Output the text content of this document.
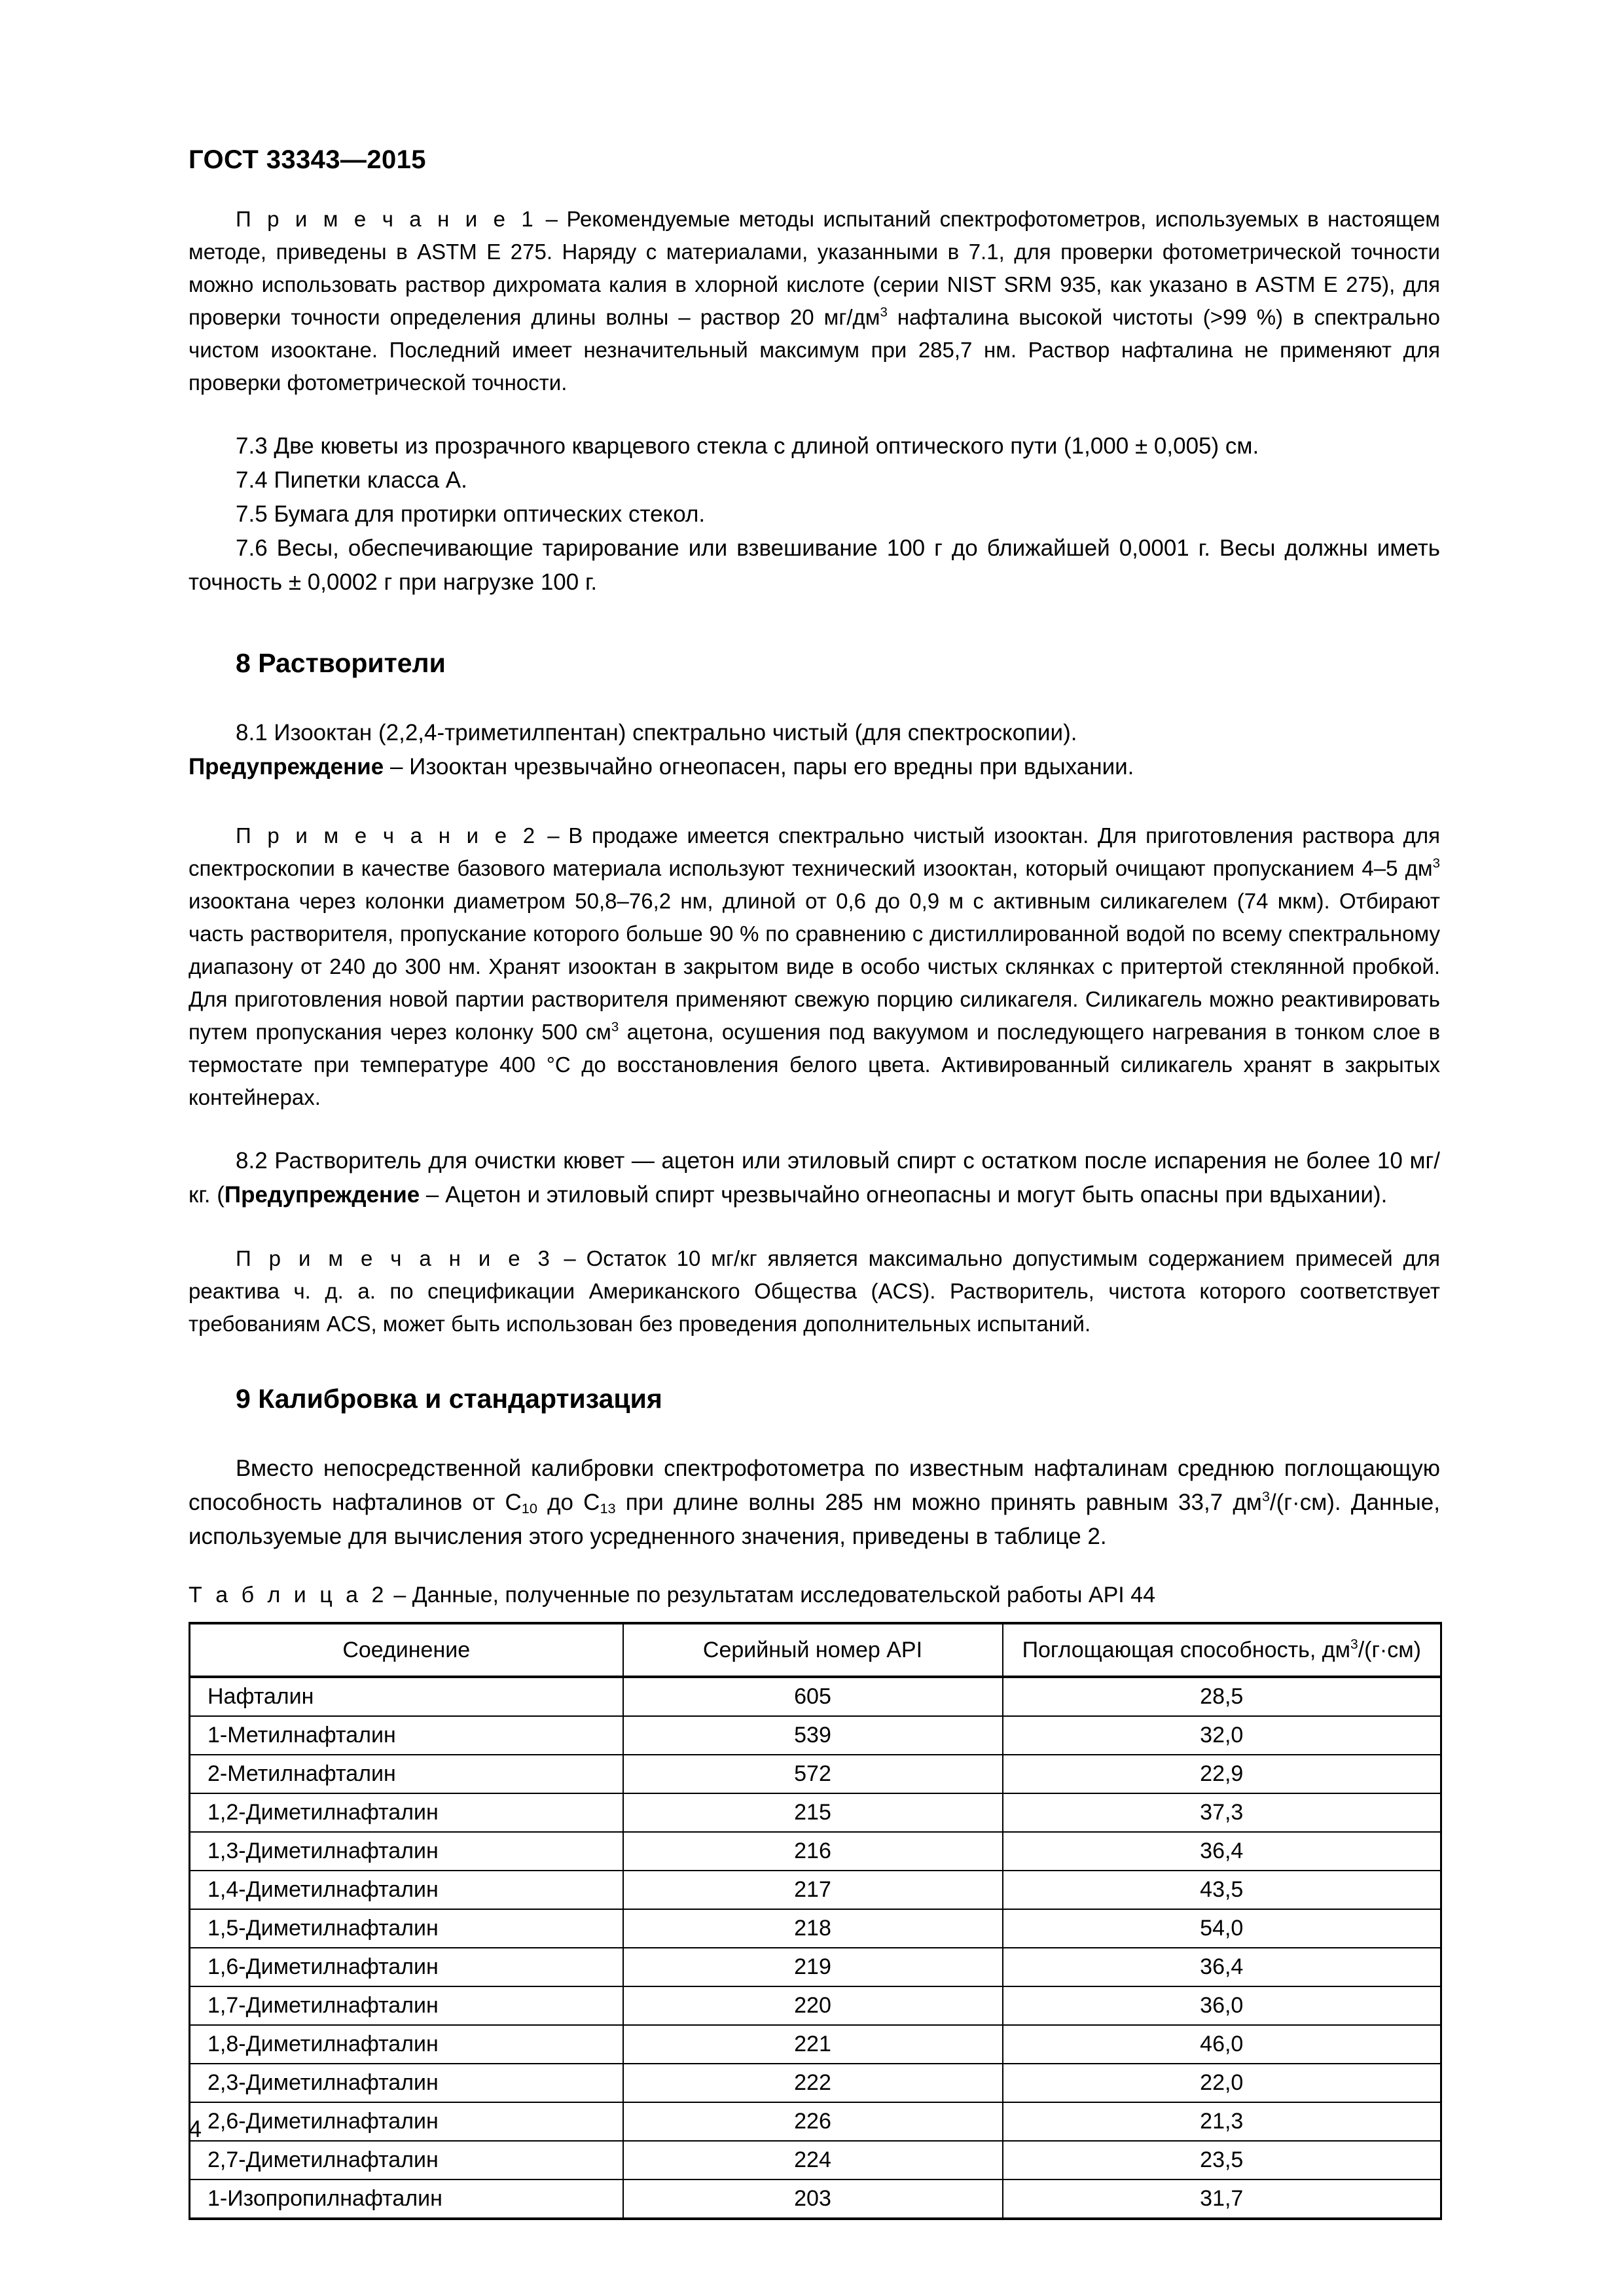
ГОСТ 33343—2015

П р и м е ч а н и е 1 – Рекомендуемые методы испытаний спектрофотометров, используемых в настоящем методе, приведены в ASTM E 275. Наряду с материалами, указанными в 7.1, для проверки фотометрической точности можно использовать раствор дихромата калия в хлорной кислоте (серии NIST SRM 935, как указано в ASTM E 275), для проверки точности определения длины волны – раствор 20 $мг/дм^3$ нафталина высокой чистоты (>99 %) в спектрально чистом изооктане. Последний имеет незначительный максимум при 285,7 нм. Раствор нафталина не применяют для проверки фотометрической точности.

7.3 Две кюветы из прозрачного кварцевого стекла с длиной оптического пути (1,000 ± 0,005) см.

7.4 Пипетки класса А.

7.5 Бумага для протирки оптических стекол.

7.6 Весы, обеспечивающие тарирование или взвешивание 100 г до ближайшей 0,0001 г. Весы должны иметь точность ± 0,0002 г при нагрузке 100 г.

8 Растворители

8.1 Изооктан (2,2,4-триметилпентан) спектрально чистый (для спектроскопии).

Предупреждение – Изооктан чрезвычайно огнеопасен, пары его вредны при вдыхании.

П р и м е ч а н и е 2 – В продаже имеется спектрально чистый изооктан. Для приготовления раствора для спектроскопии в качестве базового материала используют технический изооктан, который очищают пропусканием 4–5 $дм^3$ изооктана через колонки диаметром 50,8–76,2 нм, длиной от 0,6 до 0,9 м с активным силикагелем (74 мкм). Отбирают часть растворителя, пропускание которого больше 90 % по сравнению с дистиллированной водой по всему спектральному диапазону от 240 до 300 нм. Хранят изооктан в закрытом виде в особо чистых склянках с притертой стеклянной пробкой. Для приготовления новой партии растворителя применяют свежую порцию силикагеля. Силикагель можно реактивировать путем пропускания через колонку 500 $см^3$ ацетона, осушения под вакуумом и последующего нагревания в тонком слое в термостате при температуре 400 °C до восстановления белого цвета. Активированный силикагель хранят в закрытых контейнерах.

8.2 Растворитель для очистки кювет — ацетон или этиловый спирт с остатком после испарения не более 10 мг/кг. (Предупреждение – Ацетон и этиловый спирт чрезвычайно огнеопасны и могут быть опасны при вдыхании).

П р и м е ч а н и е 3 – Остаток 10 мг/кг является максимально допустимым содержанием примесей для реактива ч. д. а. по спецификации Американского Общества (ACS). Растворитель, чистота которого соответствует требованиям ACS, может быть использован без проведения дополнительных испытаний.

9 Калибровка и стандартизация

Вместо непосредственной калибровки спектрофотометра по известным нафталинам среднюю поглощающую способность нафталинов от $C_{10}$ до $C_{13}$ при длине волны 285 нм можно принять равным 33,7 $дм^3/(г\cdot см)$. Данные, используемые для вычисления этого усредненного значения, приведены в таблице 2.

Т а б л и ц а 2 – Данные, полученные по результатам исследовательской работы API 44

Соединение	Серийный номер API	Поглощающая способность, $дм^3/(г\cdot см)$
Нафталин	605	28,5
1-Метилнафталин	539	32,0
2-Метилнафталин	572	22,9
1,2-Диметилнафталин	215	37,3
1,3-Диметилнафталин	216	36,4
1,4-Диметилнафталин	217	43,5
1,5-Диметилнафталин	218	54,0
1,6-Диметилнафталин	219	36,4
1,7-Диметилнафталин	220	36,0
1,8-Диметилнафталин	221	46,0
2,3-Диметилнафталин	222	22,0
2,6-Диметилнафталин	226	21,3
2,7-Диметилнафталин	224	23,5
1-Изопропилнафталин	203	31,7
4
